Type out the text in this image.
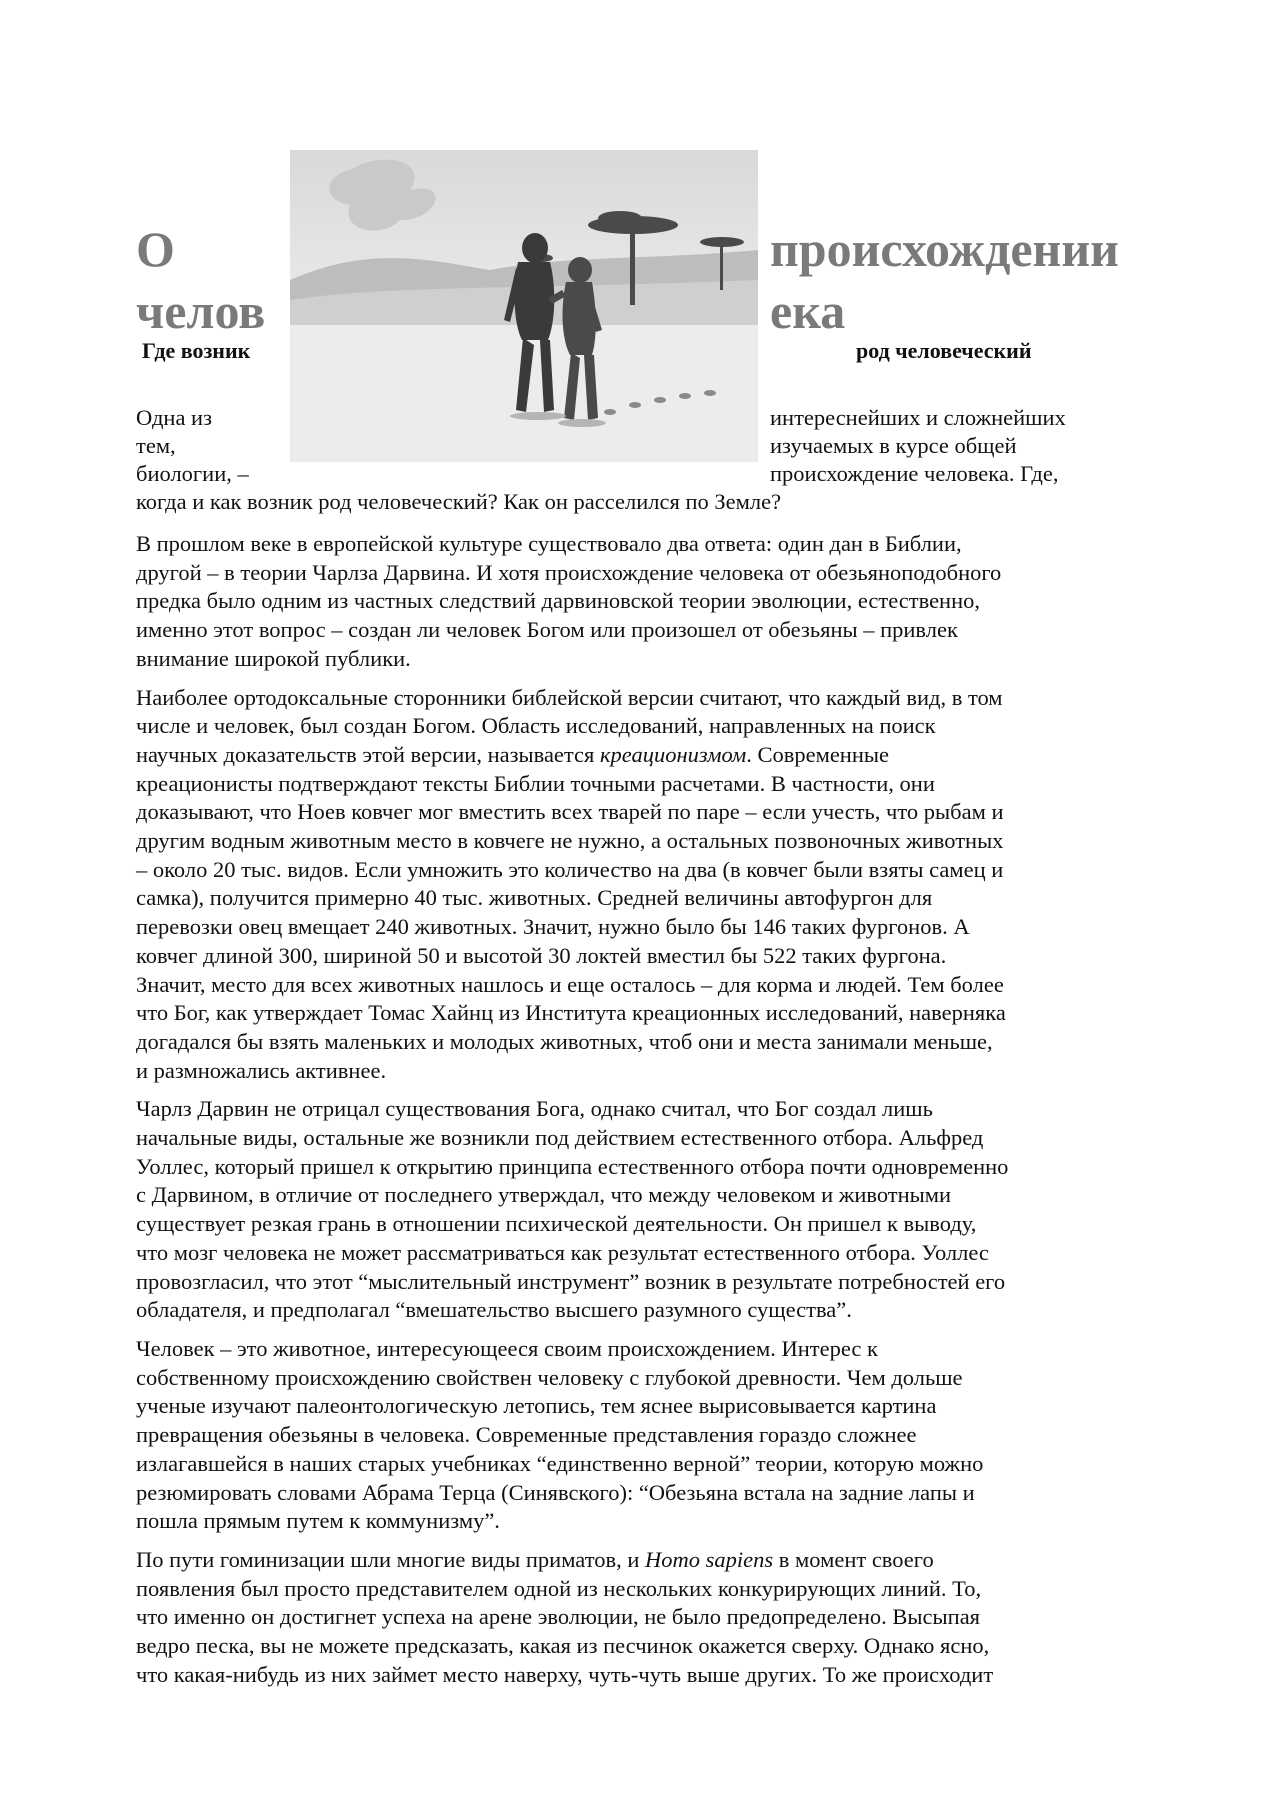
О	происхождении
челов	ека
Где возник	род человеческий
Одна из	интереснейших и сложнейших
тем,	изучаемых в курсе общей
биологии, –	происхождение человека. Где,
когда и как возник род человеческий? Как он расселился по Земле?

В прошлом веке в европейской культуре существовало два ответа: один дан в Библии,
другой – в теории Чарлза Дарвина. И хотя происхождение человека от обезьяноподобного
предка было одним из частных следствий дарвиновской теории эволюции, естественно,
именно этот вопрос – создан ли человек Богом или произошел от обезьяны – привлек
внимание широкой публики.

Наиболее ортодоксальные сторонники библейской версии считают, что каждый вид, в том
числе и человек, был создан Богом. Область исследований, направленных на поиск
научных доказательств этой версии, называется креационизмом. Современные
креационисты подтверждают тексты Библии точными расчетами. В частности, они
доказывают, что Ноев ковчег мог вместить всех тварей по паре – если учесть, что рыбам и
другим водным животным место в ковчеге не нужно, а остальных позвоночных животных
– около 20 тыс. видов. Если умножить это количество на два (в ковчег были взяты самец и
самка), получится примерно 40 тыс. животных. Средней величины автофургон для
перевозки овец вмещает 240 животных. Значит, нужно было бы 146 таких фургонов. А
ковчег длиной 300, шириной 50 и высотой 30 локтей вместил бы 522 таких фургона.
Значит, место для всех животных нашлось и еще осталось – для корма и людей. Тем более
что Бог, как утверждает Томас Хайнц из Института креационных исследований, наверняка
догадался бы взять маленьких и молодых животных, чтоб они и места занимали меньше,
и размножались активнее.

Чарлз Дарвин не отрицал существования Бога, однако считал, что Бог создал лишь
начальные виды, остальные же возникли под действием естественного отбора. Альфред
Уоллес, который пришел к открытию принципа естественного отбора почти одновременно
с Дарвином, в отличие от последнего утверждал, что между человеком и животными
существует резкая грань в отношении психической деятельности. Он пришел к выводу,
что мозг человека не может рассматриваться как результат естественного отбора. Уоллес
провозгласил, что этот “мыслительный инструмент” возник в результате потребностей его
обладателя, и предполагал “вмешательство высшего разумного существа”.

Человек – это животное, интересующееся своим происхождением. Интерес к
собственному происхождению свойствен человеку с глубокой древности. Чем дольше
ученые изучают палеонтологическую летопись, тем яснее вырисовывается картина
превращения обезьяны в человека. Современные представления гораздо сложнее
излагавшейся в наших старых учебниках “единственно верной” теории, которую можно
резюмировать словами Абрама Терца (Синявского): “Обезьяна встала на задние лапы и
пошла прямым путем к коммунизму”.

По пути гоминизации шли многие виды приматов, и Homo sapiens в момент своего
появления был просто представителем одной из нескольких конкурирующих линий. То,
что именно он достигнет успеха на арене эволюции, не было предопределено. Высыпая
ведро песка, вы не можете предсказать, какая из песчинок окажется сверху. Однако ясно,
что какая-нибудь из них займет место наверху, чуть-чуть выше других. То же происходит
